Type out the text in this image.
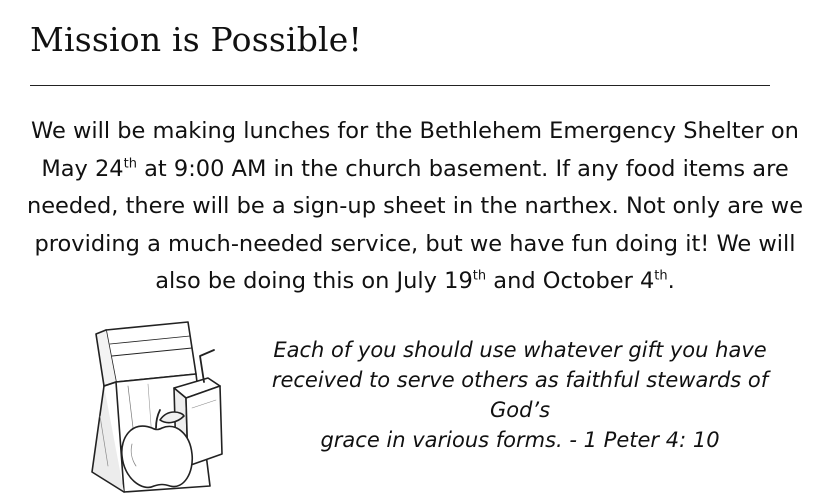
Mission is Possible!

We will be making lunches for the Bethlehem Emergency Shelter on May 24th at 9:00 AM in the church basement. If any food items are needed, there will be a sign-up sheet in the narthex. Not only are we providing a much-needed service, but we have fun doing it! We will also be doing this on July 19th and October 4th.

Each of you should use whatever gift you have
received to serve others as faithful stewards of God’s
grace in various forms. - 1 Peter 4: 10
